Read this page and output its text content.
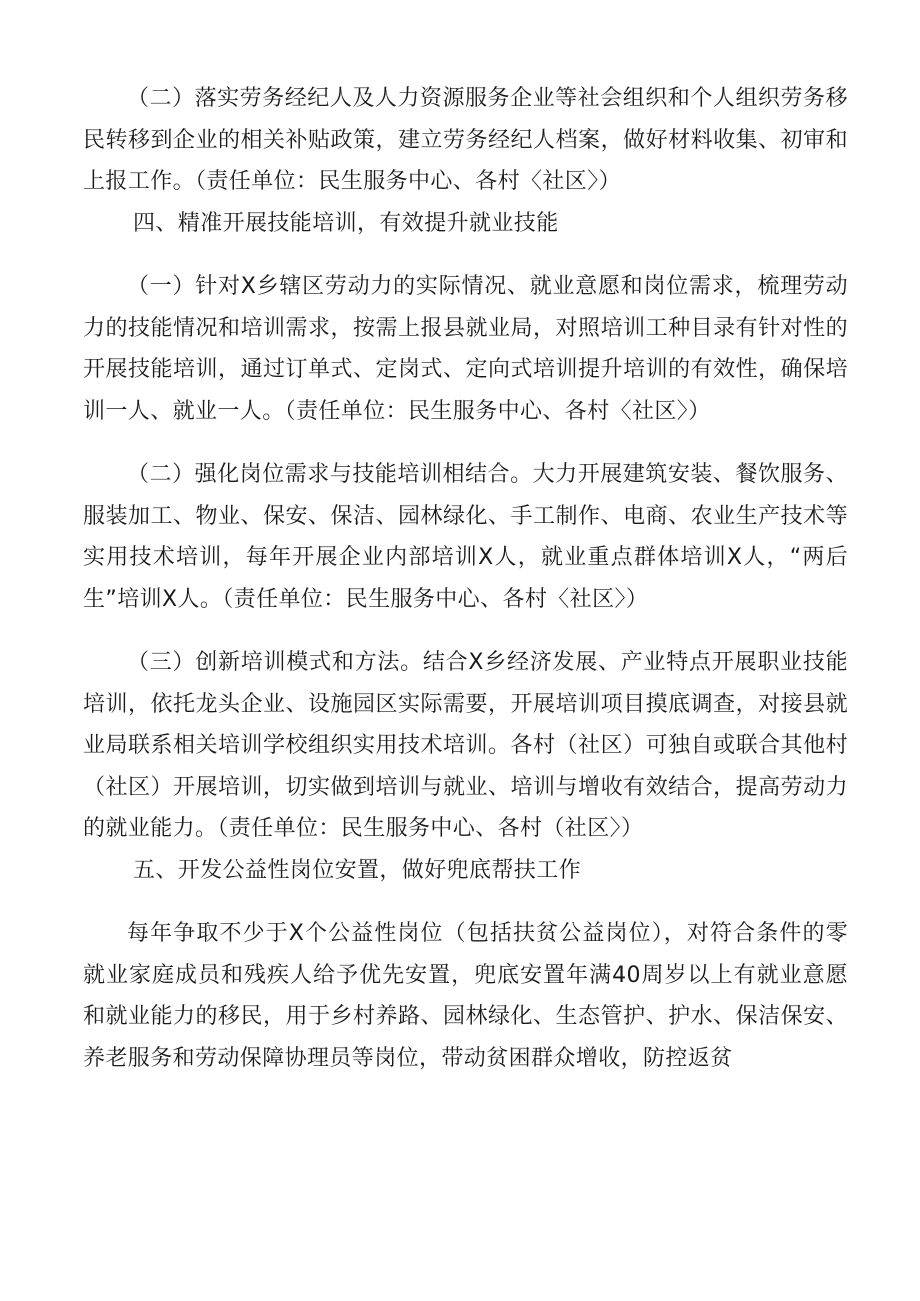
（二）落实劳务经纪人及人力资源服务企业等社会组织和个人组织劳务移民转移到企业的相关补贴政策，建立劳务经纪人档案，做好材料收集、初审和上报工作。（责任单位：民生服务中心、各村〈社区〉）

四、精准开展技能培训，有效提升就业技能

（一）针对X乡辖区劳动力的实际情况、就业意愿和岗位需求，梳理劳动力的技能情况和培训需求，按需上报县就业局，对照培训工种目录有针对性的开展技能培训，通过订单式、定岗式、定向式培训提升培训的有效性，确保培训一人、就业一人。（责任单位：民生服务中心、各村〈社区〉）

（二）强化岗位需求与技能培训相结合。大力开展建筑安装、餐饮服务、服装加工、物业、保安、保洁、园林绿化、手工制作、电商、农业生产技术等实用技术培训，每年开展企业内部培训X人，就业重点群体培训X人，“两后生”培训X人。（责任单位：民生服务中心、各村〈社区〉）

（三）创新培训模式和方法。结合X乡经济发展、产业特点开展职业技能培训，依托龙头企业、设施园区实际需要，开展培训项目摸底调查，对接县就业局联系相关培训学校组织实用技术培训。各村（社区）可独自或联合其他村（社区）开展培训，切实做到培训与就业、培训与增收有效结合，提高劳动力的就业能力。（责任单位：民生服务中心、各村（社区〉）

五、开发公益性岗位安置，做好兜底帮扶工作

每年争取不少于X个公益性岗位（包括扶贫公益岗位），对符合条件的零就业家庭成员和残疾人给予优先安置，兜底安置年满40周岁以上有就业意愿和就业能力的移民，用于乡村养路、园林绿化、生态管护、护水、保洁保安、养老服务和劳动保障协理员等岗位，带动贫困群众增收，防控返贫
